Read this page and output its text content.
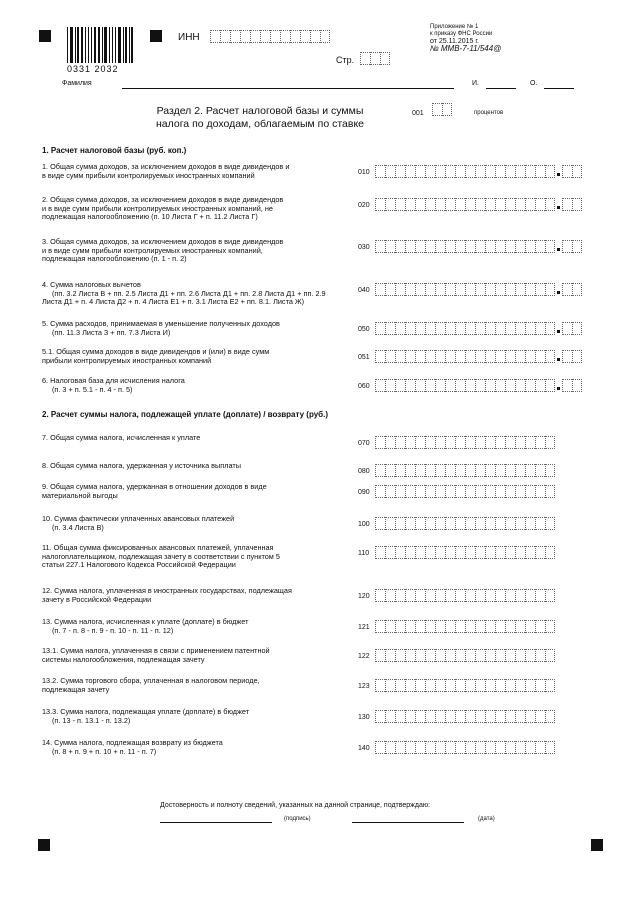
0331 2032
ИНН
Стр.
Приложение № 1
к приказу ФНС России
от 25.11.2015 г.
№ ММВ-7-11/544@
Фамилия	И.	О.
Раздел 2. Расчет налоговой базы и суммы
налога по доходам, облагаемым по ставке
001	процентов
1. Расчет налоговой базы (руб. коп.)
1. Общая сумма доходов, за исключением доходов в виде дивидендов и
в виде сумм прибыли контролируемых иностранных компаний	010
2. Общая сумма доходов, за исключением доходов в виде дивидендов
и в виде сумм прибыли контролируемых иностранных компаний, не
подлежащая налогообложению (п. 10 Листа Г + п. 11.2 Листа Г)
020
3. Общая сумма доходов, за исключением доходов в виде дивидендов
и в виде сумм прибыли контролируемых иностранных компаний,
подлежащая налогообложению (п. 1 - п. 2)
030
4. Сумма налоговых вычетов
(пп. 3.2 Листа В + пп. 2.5 Листа Д1 + пп. 2.6 Листа Д1 + пп. 2.8 Листа Д1 + пп. 2.9
Листа Д1 + п. 4 Листа Д2 + п. 4 Листа Е1 + п. 3.1 Листа Е2 + пп. 8.1. Листа Ж)
040
5. Сумма расходов, принимаемая в уменьшение полученных доходов
(пп. 11.3 Листа З + пп. 7.3 Листа И)	050
5.1. Общая сумма доходов в виде дивидендов и (или) в виде сумм
прибыли контролируемых иностранных компаний	051
6. Налоговая база для исчисления налога
(п. 3 + п. 5.1 - п. 4 - п. 5)	060
2. Расчет суммы налога, подлежащей уплате (доплате) / возврату (руб.)
7. Общая сумма налога, исчисленная к уплате
070
8. Общая сумма налога, удержанная у источника выплаты
080
9. Общая сумма налога, удержанная в отношении доходов в виде
материальной выгоды	090
10. Сумма фактически уплаченных авансовых платежей
(п. 3.4 Листа В)	100
11. Общая сумма фиксированных авансовых платежей, уплаченная
налогоплательщиком, подлежащая зачету в соответствии с пунктом 5
статьи 227.1 Налогового Кодекса Российской Федерации
110
12. Сумма налога, уплаченная в иностранных государствах, подлежащая
зачету в Российской Федерации	120
13. Сумма налога, исчисленная к уплате (доплате) в бюджет
(п. 7 - п. 8 - п. 9 - п. 10 - п. 11 - п. 12)	121
13.1. Сумма налога, уплаченная в связи с применением патентной
системы налогообложения, подлежащая зачету	122
13.2. Сумма торгового сбора, уплаченная в налоговом периоде,
подлежащая зачету	123
13.3. Сумма налога, подлежащая уплате (доплате) в бюджет
(п. 13 - п. 13.1 - п. 13.2)	130
14. Сумма налога, подлежащая возврату из бюджета
(п. 8 + п. 9 + п. 10 + п. 11 - п. 7)	140
Достоверность и полноту сведений, указанных на данной странице, подтверждаю:
(подпись)	(дата)
